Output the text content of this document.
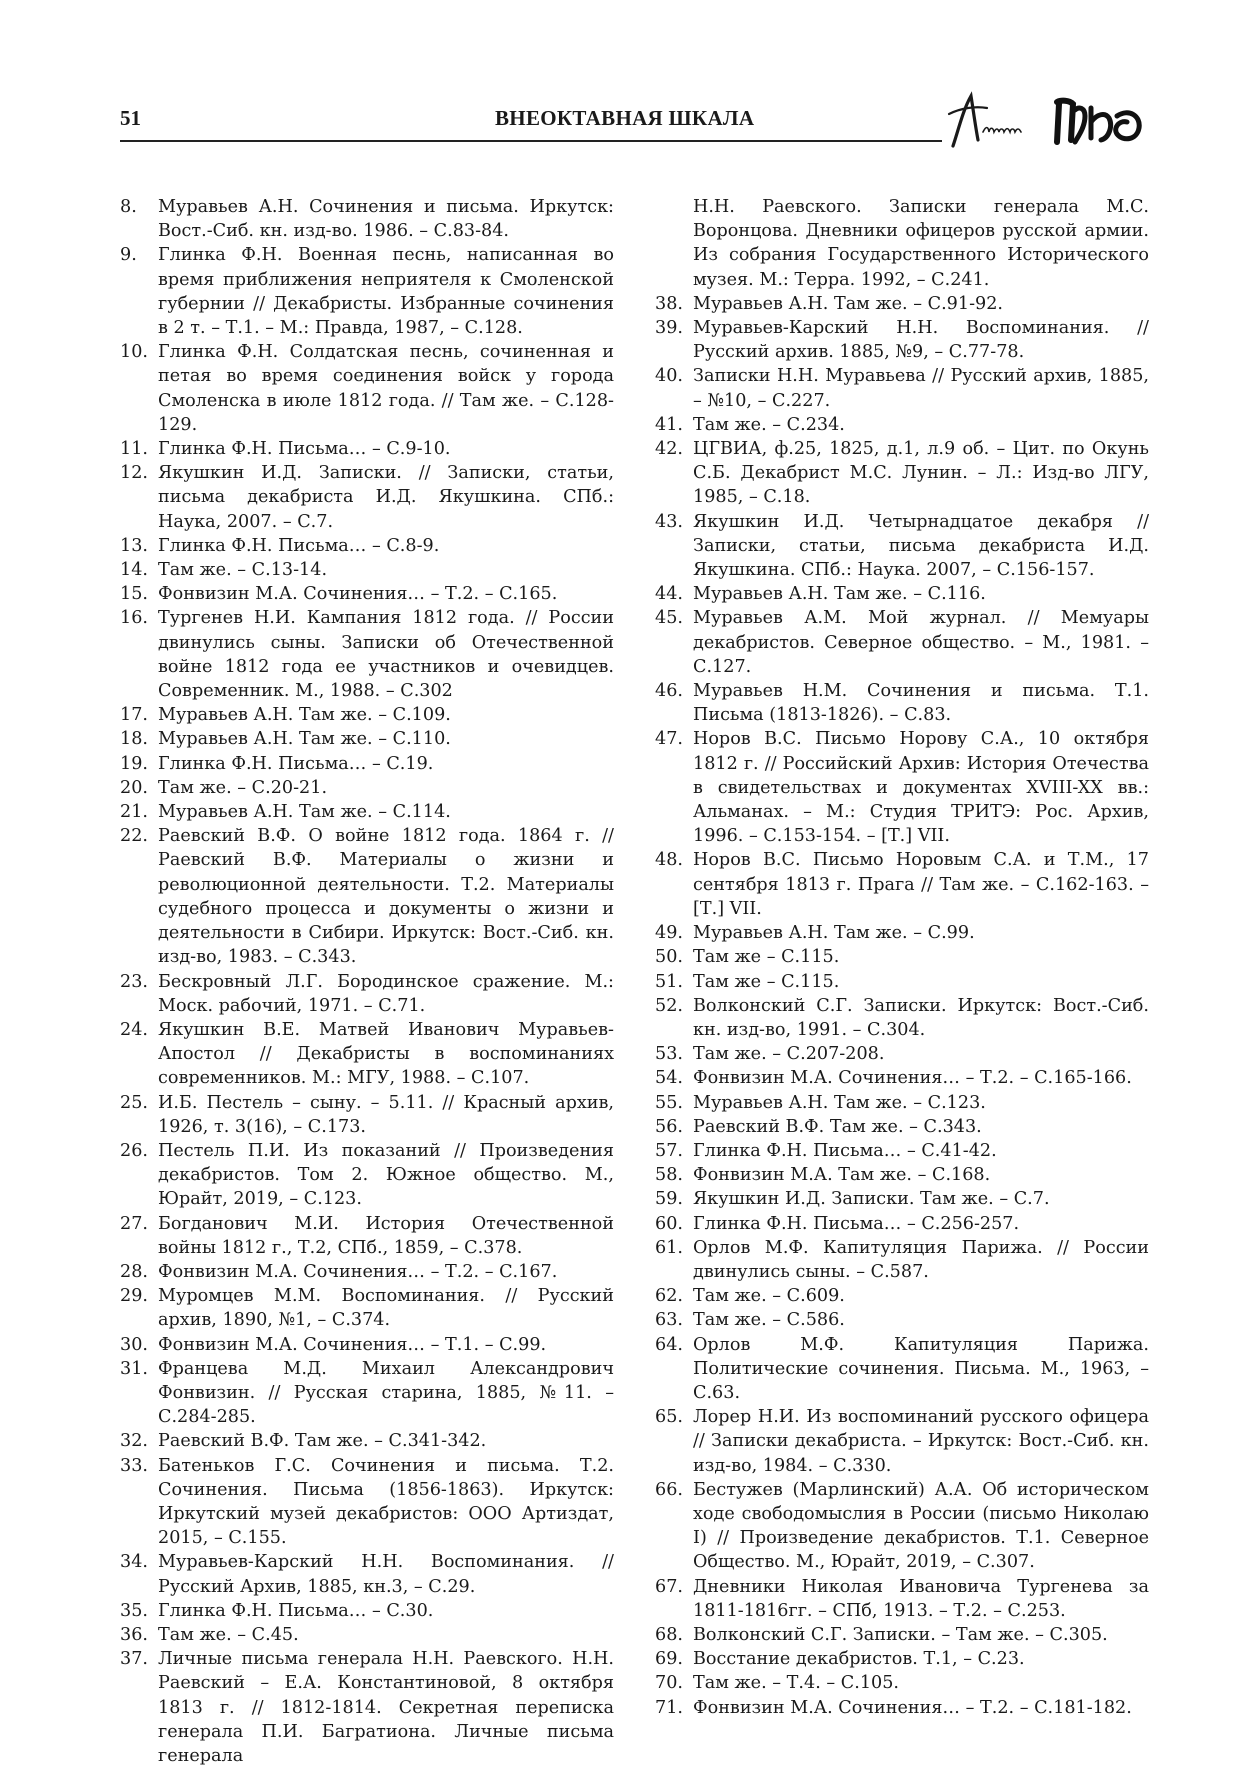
51	ВНЕОКТАВНАЯ ШКАЛА
8. Муравьев А.Н. Сочинения и письма. Иркутск: Вост.-Сиб. кн. изд-во. 1986. – С.83-84.
9. Глинка Ф.Н. Военная песнь, написанная во время приближения неприятеля к Смоленской губернии // Декабристы. Избранные сочинения в 2 т. – Т.1. – М.: Правда, 1987, – С.128.
10. Глинка Ф.Н. Солдатская песнь, сочиненная и петая во время соединения войск у города Смоленска в июле 1812 года. // Там же. – С.128-129.
11. Глинка Ф.Н. Письма… – С.9-10.
12. Якушкин И.Д. Записки. // Записки, статьи, письма декабриста И.Д. Якушкина. СПб.: Наука, 2007. – С.7.
13. Глинка Ф.Н. Письма… – С.8-9.
14. Там же. – С.13-14.
15. Фонвизин М.А. Сочинения… – Т.2. – С.165.
16. Тургенев Н.И. Кампания 1812 года. // России двинулись сыны. Записки об Отечественной войне 1812 года ее участников и очевидцев. Современник. М., 1988. – С.302
17. Муравьев А.Н. Там же. – С.109.
18. Муравьев А.Н. Там же. – С.110.
19. Глинка Ф.Н. Письма… – С.19.
20. Там же. – С.20-21.
21. Муравьев А.Н. Там же. – С.114.
22. Раевский В.Ф. О войне 1812 года. 1864 г. // Раевский В.Ф. Материалы о жизни и революционной деятельности. Т.2. Материалы судебного процесса и документы о жизни и деятельности в Сибири. Иркутск: Вост.-Сиб. кн. изд-во, 1983. – С.343.
23. Бескровный Л.Г. Бородинское сражение. М.: Моск. рабочий, 1971. – С.71.
24. Якушкин В.Е. Матвей Иванович Муравьев-Апостол // Декабристы в воспоминаниях современников. М.: МГУ, 1988. – С.107.
25. И.Б. Пестель – сыну. – 5.11. // Красный архив, 1926, т. 3(16), – С.173.
26. Пестель П.И. Из показаний // Произведения декабристов. Том 2. Южное общество. М., Юрайт, 2019, – С.123.
27. Богданович М.И. История Отечественной войны 1812 г., Т.2, СПб., 1859, – С.378.
28. Фонвизин М.А. Сочинения… – Т.2. – С.167.
29. Муромцев М.М. Воспоминания. // Русский архив, 1890, №1, – С.374.
30. Фонвизин М.А. Сочинения… – Т.1. – С.99.
31. Францева М.Д. Михаил Александрович Фонвизин. // Русская старина, 1885, №11. – С.284-285.
32. Раевский В.Ф. Там же. – С.341-342.
33. Батеньков Г.С. Сочинения и письма. Т.2. Сочинения. Письма (1856-1863). Иркутск: Иркутский музей декабристов: ООО Артиздат, 2015, – С.155.
34. Муравьев-Карский Н.Н. Воспоминания. // Русский Архив, 1885, кн.3, – С.29.
35. Глинка Ф.Н. Письма… – С.30.
36. Там же. – С.45.
37. Личные письма генерала Н.Н. Раевского. Н.Н. Раевский – Е.А. Константиновой, 8 октября 1813 г. // 1812-1814. Секретная переписка генерала П.И. Багратиона. Личные письма генерала
Н.Н. Раевского. Записки генерала М.С. Воронцова. Дневники офицеров русской армии. Из собрания Государственного Исторического музея. М.: Терра. 1992, – С.241.
38. Муравьев А.Н. Там же. – С.91-92.
39. Муравьев-Карский Н.Н. Воспоминания. // Русский архив. 1885, №9, – С.77-78.
40. Записки Н.Н. Муравьева // Русский архив, 1885, – №10, – С.227.
41. Там же. – С.234.
42. ЦГВИА, ф.25, 1825, д.1, л.9 об. – Цит. по Окунь С.Б. Декабрист М.С. Лунин. – Л.: Изд-во ЛГУ, 1985, – С.18.
43. Якушкин И.Д. Четырнадцатое декабря // Записки, статьи, письма декабриста И.Д. Якушкина. СПб.: Наука. 2007, – С.156-157.
44. Муравьев А.Н. Там же. – С.116.
45. Муравьев А.М. Мой журнал. // Мемуары декабристов. Северное общество. – М., 1981. – С.127.
46. Муравьев Н.М. Сочинения и письма. Т.1. Письма (1813-1826). – С.83.
47. Норов В.С. Письмо Норову С.А., 10 октября 1812 г. // Российский Архив: История Отечества в свидетельствах и документах XVIII-XX вв.: Альманах. – М.: Студия ТРИТЭ: Рос. Архив, 1996. – С.153-154. – [Т.] VII.
48. Норов В.С. Письмо Норовым С.А. и Т.М., 17 сентября 1813 г. Прага // Там же. – С.162-163. – [Т.] VII.
49. Муравьев А.Н. Там же. – С.99.
50. Там же – С.115.
51. Там же – С.115.
52. Волконский С.Г. Записки. Иркутск: Вост.-Сиб. кн. изд-во, 1991. – С.304.
53. Там же. – С.207-208.
54. Фонвизин М.А. Сочинения… – Т.2. – С.165-166.
55. Муравьев А.Н. Там же. – С.123.
56. Раевский В.Ф. Там же. – С.343.
57. Глинка Ф.Н. Письма… – С.41-42.
58. Фонвизин М.А. Там же. – С.168.
59. Якушкин И.Д. Записки. Там же. – С.7.
60. Глинка Ф.Н. Письма… – С.256-257.
61. Орлов М.Ф. Капитуляция Парижа. // России двинулись сыны. – С.587.
62. Там же. – С.609.
63. Там же. – С.586.
64. Орлов М.Ф. Капитуляция Парижа. Политические сочинения. Письма. М., 1963, – С.63.
65. Лорер Н.И. Из воспоминаний русского офицера // Записки декабриста. – Иркутск: Вост.-Сиб. кн. изд-во, 1984. – С.330.
66. Бестужев (Марлинский) А.А. Об историческом ходе свободомыслия в России (письмо Николаю I) // Произведение декабристов. Т.1. Северное Общество. М., Юрайт, 2019, – С.307.
67. Дневники Николая Ивановича Тургенева за 1811-1816гг. – СПб, 1913. – Т.2. – С.253.
68. Волконский С.Г. Записки. – Там же. – С.305.
69. Восстание декабристов. Т.1, – С.23.
70. Там же. – Т.4. – С.105.
71. Фонвизин М.А. Сочинения… – Т.2. – С.181-182.
